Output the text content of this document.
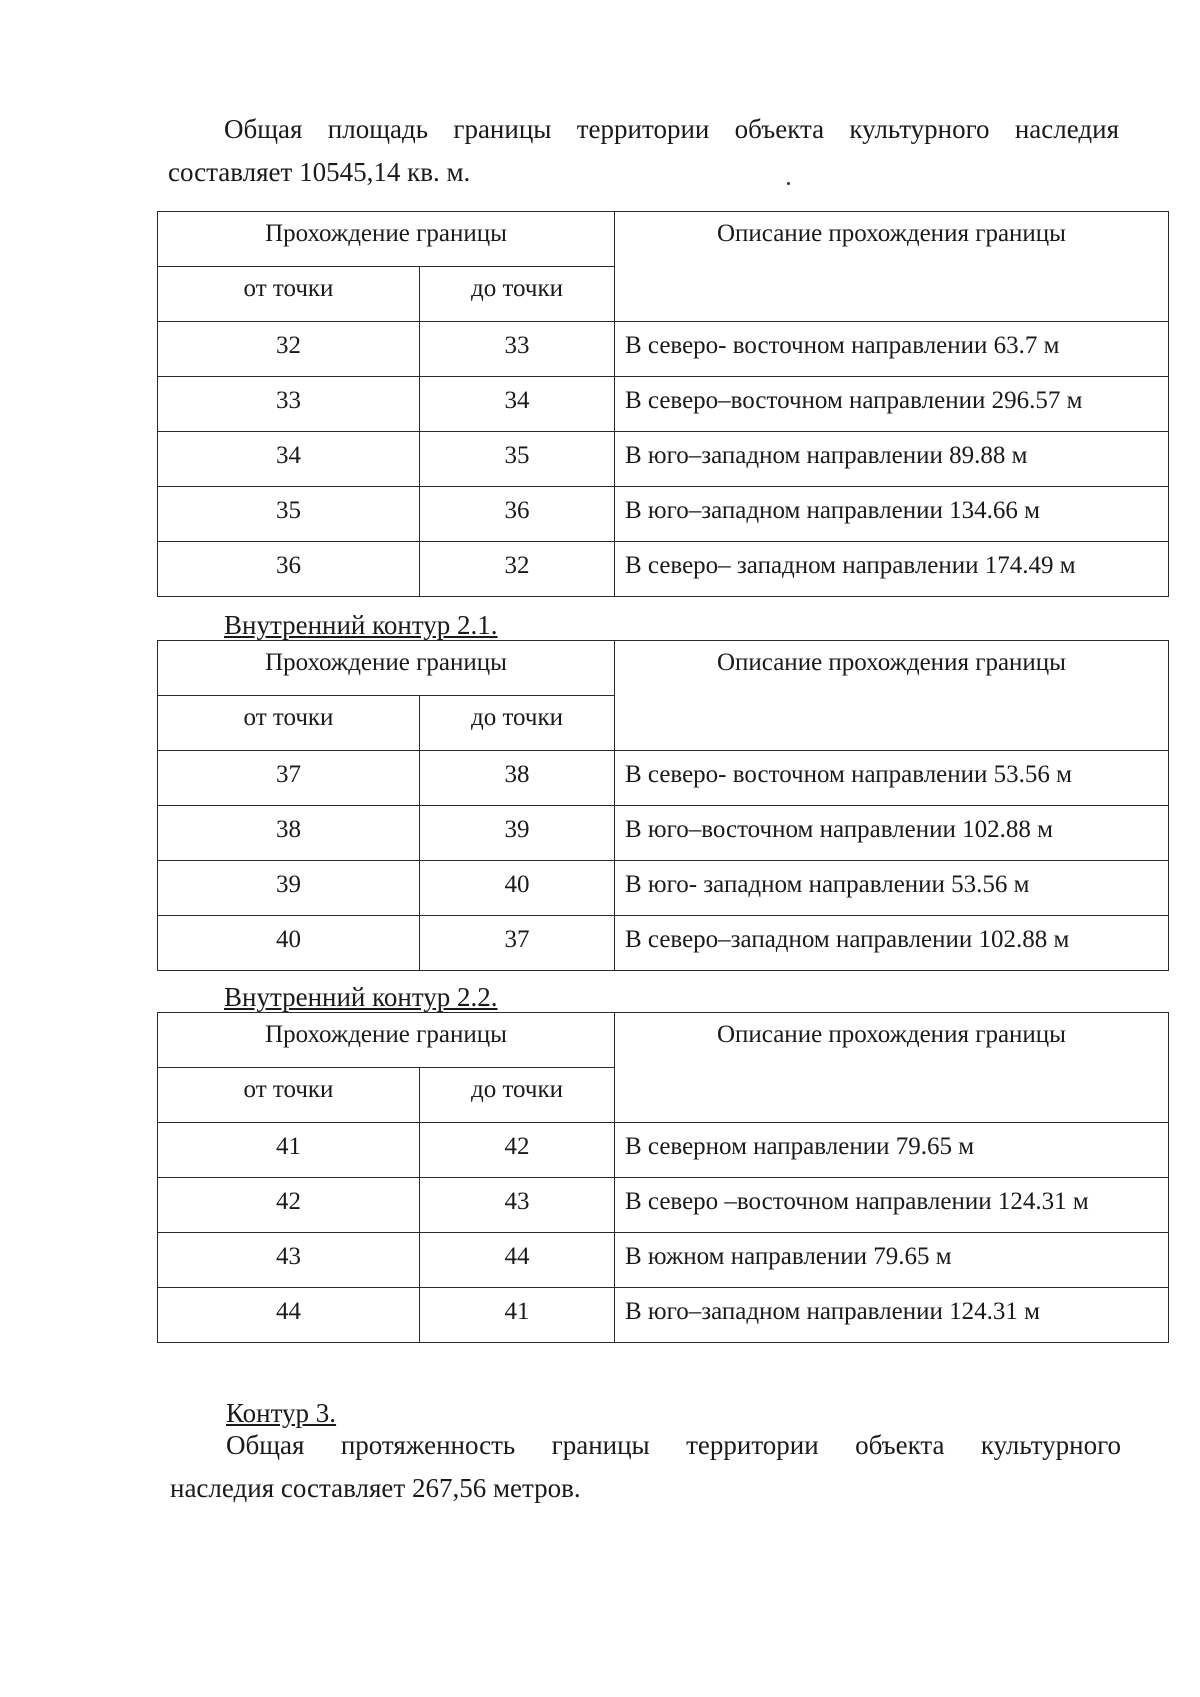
Общая площадь границы территории объекта культурного наследия
составляет 10545,14 кв. м.
Прохождение границы		Описание прохождения границы
от точки	до точки	
32	33	В северо- восточном направлении 63.7 м
33	34	В северо–восточном направлении 296.57 м
34	35	В юго–западном направлении 89.88 м
35	36	В юго–западном направлении 134.66 м
36	32	В северо– западном направлении 174.49 м
Внутренний контур 2.1.
Прохождение границы		Описание прохождения границы
от точки	до точки	
37	38	В северо- восточном направлении 53.56 м
38	39	В юго–восточном направлении 102.88 м
39	40	В юго- западном направлении 53.56 м
40	37	В северо–западном направлении 102.88 м
Внутренний контур 2.2.
Прохождение границы		Описание прохождения границы
от точки	до точки	
41	42	В северном направлении 79.65 м
42	43	В северо –восточном направлении 124.31 м
43	44	В южном направлении 79.65 м
44	41	В юго–западном направлении 124.31 м
Контур 3.
Общая протяженность границы территории объекта культурного
наследия составляет 267,56 метров.
